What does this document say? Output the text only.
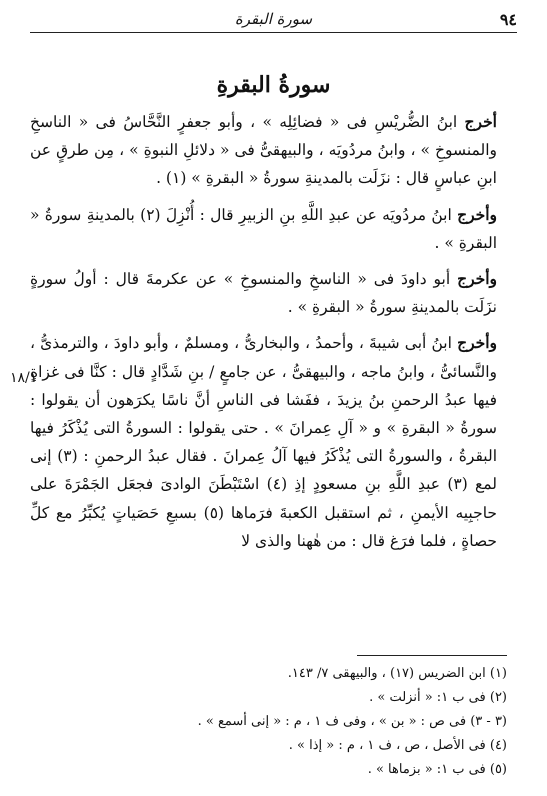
٩٤
سورة البقرة
سورةُ البقرةِ

أخرج ابنُ الضُّريْسِ فى « فضائِلِه » ، وأبو جعفرٍ النَّحَّاسُ فى « الناسخِ والمنسوخِ » ، وابنُ مردُويَه ، والبيهقىُّ فى « دلائلِ النبوةِ » ، مِن طرقٍ عن ابنِ عباسٍ قال : نزَلَت بالمدينةِ سورةُ « البقرةِ » (١) .

وأخرج ابنُ مردُويَه عن عبدِ اللَّهِ بنِ الزبيرِ قال : أُنْزِلَ (٢) بالمدينةِ سورةُ « البقرةِ » .

وأخرج أبو داودَ فى « الناسخِ والمنسوخِ » عن عكرمةَ قال : أولُ سورةٍ نزَلَت بالمدينةِ سورةُ « البقرةِ » .

وأخرج ابنُ أبى شيبةَ ، وأحمدُ ، والبخارىُّ ، ومسلمٌ ، وأبو داودَ ، والترمذىُّ ، والنَّسائىُّ ، وابنُ ماجه ، والبيهقىُّ ، عن جامعٍ / بنِ شَدَّادٍ قال : كنَّا فى غزاةٍ فيها عبدُ الرحمنِ بنُ يزيدَ ، ففَشا فى الناسِ أنَّ ناسًا يكرَهون أن يقولوا : سورةُ « البقرةِ » و « آلِ عِمرانَ » . حتى يقولوا : السورةُ التى يُذْكَرُ فيها البقرةُ ، والسورةُ التى يُذْكَرُ فيها آلُ عِمرانَ . فقال عبدُ الرحمنِ : (٣) إنى لمع (٣) عبدِ اللَّهِ بنِ مسعودٍ إذِ (٤) اسْتَبْطَنَ الوادىَ فجعَل الجَمْرَةَ على حاجبِيه الأيمنِ ، ثم استقبل الكعبةَ فرَماها (٥) بسبعِ حَصَياتٍ يُكبِّرُ مع كلِّ حصاةٍ ، فلما فرَغ قال : من هٰهنا والذى لا

١٨/١

(١) ابن الضريس (١٧) ، والبيهقى ٧/ ١٤٣.

(٢) فى ب ١: « أنزلت » .

(٣ - ٣) فى ص : « بن » ، وفى ف ١ ، م : « إنى أسمع » .

(٤) فى الأصل ، ص ، ف ١ ، م : « إذا » .

(٥) فى ب ١: « بزماها » .
